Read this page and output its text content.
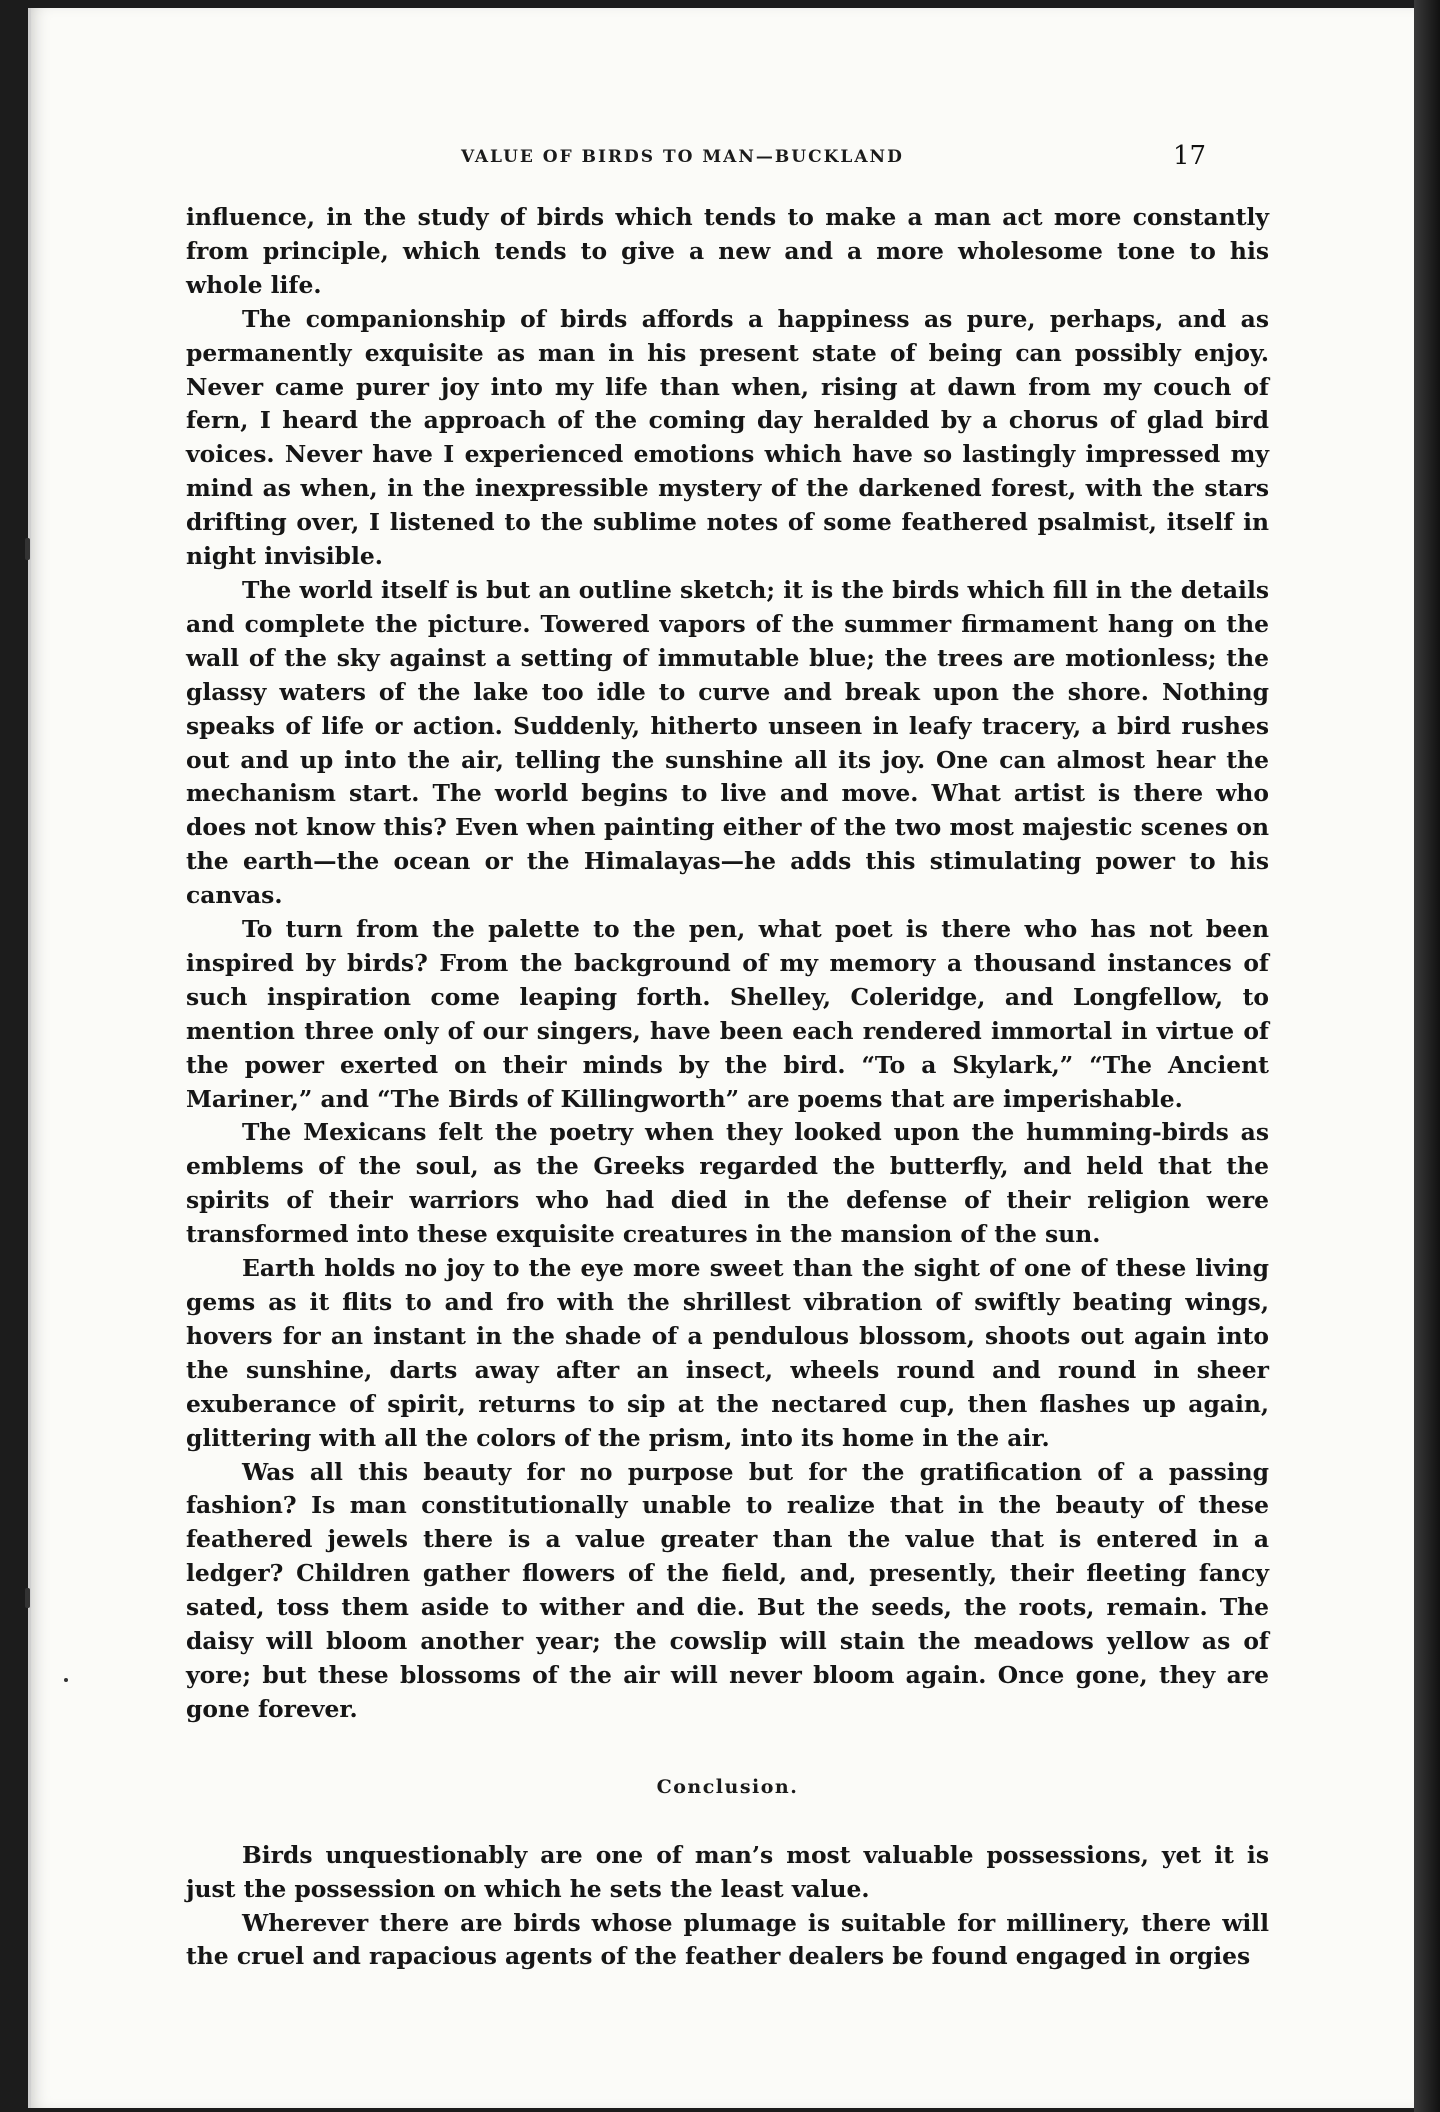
VALUE OF BIRDS TO MAN—BUCKLAND	17

influence, in the study of birds which tends to make a man act more constantly from principle, which tends to give a new and a more wholesome tone to his whole life.

The companionship of birds affords a happiness as pure, perhaps, and as permanently exquisite as man in his present state of being can possibly enjoy. Never came purer joy into my life than when, rising at dawn from my couch of fern, I heard the approach of the coming day heralded by a chorus of glad bird voices. Never have I experienced emotions which have so lastingly impressed my mind as when, in the inexpressible mystery of the darkened forest, with the stars drifting over, I listened to the sublime notes of some feathered psalmist, itself in night invisible.

The world itself is but an outline sketch; it is the birds which fill in the details and complete the picture. Towered vapors of the summer firmament hang on the wall of the sky against a setting of immutable blue; the trees are motionless; the glassy waters of the lake too idle to curve and break upon the shore. Nothing speaks of life or action. Suddenly, hitherto unseen in leafy tracery, a bird rushes out and up into the air, telling the sunshine all its joy. One can almost hear the mechanism start. The world begins to live and move. What artist is there who does not know this? Even when painting either of the two most majestic scenes on the earth—the ocean or the Himalayas—he adds this stimulating power to his canvas.

To turn from the palette to the pen, what poet is there who has not been inspired by birds? From the background of my memory a thousand instances of such inspiration come leaping forth. Shelley, Coleridge, and Longfellow, to mention three only of our singers, have been each rendered immortal in virtue of the power exerted on their minds by the bird. “To a Skylark,” “The Ancient Mariner,” and “The Birds of Killingworth” are poems that are imperishable.

The Mexicans felt the poetry when they looked upon the humming-birds as emblems of the soul, as the Greeks regarded the butterfly, and held that the spirits of their warriors who had died in the defense of their religion were transformed into these exquisite creatures in the mansion of the sun.

Earth holds no joy to the eye more sweet than the sight of one of these living gems as it flits to and fro with the shrillest vibration of swiftly beating wings, hovers for an instant in the shade of a pendulous blossom, shoots out again into the sunshine, darts away after an insect, wheels round and round in sheer exuberance of spirit, returns to sip at the nectared cup, then flashes up again, glittering with all the colors of the prism, into its home in the air.

Was all this beauty for no purpose but for the gratification of a passing fashion? Is man constitutionally unable to realize that in the beauty of these feathered jewels there is a value greater than the value that is entered in a ledger? Children gather flowers of the field, and, presently, their fleeting fancy sated, toss them aside to wither and die. But the seeds, the roots, remain. The daisy will bloom another year; the cowslip will stain the meadows yellow as of yore; but these blossoms of the air will never bloom again. Once gone, they are gone forever.

Conclusion.

Birds unquestionably are one of man’s most valuable possessions, yet it is just the possession on which he sets the least value.

Wherever there are birds whose plumage is suitable for millinery, there will the cruel and rapacious agents of the feather dealers be found engaged in orgies
